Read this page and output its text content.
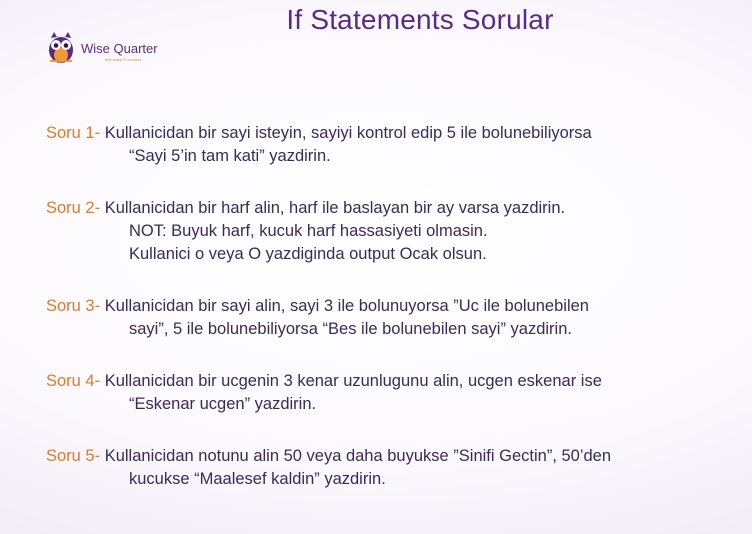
If Statements Sorular
Wise Quarter
first class IT courses
Soru 1- Kullanicidan bir sayi isteyin, sayiyi kontrol edip 5 ile bolunebiliyorsa
“Sayi 5’in tam kati” yazdirin.
Soru 2- Kullanicidan bir harf alin, harf ile baslayan bir ay varsa yazdirin.
NOT: Buyuk harf, kucuk harf hassasiyeti olmasin.
Kullanici o veya O yazdiginda output Ocak olsun.
Soru 3- Kullanicidan bir sayi alin, sayi 3 ile bolunuyorsa ”Uc ile bolunebilen
sayi”, 5 ile bolunebiliyorsa “Bes ile bolunebilen sayi” yazdirin.
Soru 4- Kullanicidan bir ucgenin 3 kenar uzunlugunu alin, ucgen eskenar ise
“Eskenar ucgen” yazdirin.
Soru 5- Kullanicidan notunu alin 50 veya daha buyukse ”Sinifi Gectin”, 50’den
kucukse “Maalesef kaldin” yazdirin.
